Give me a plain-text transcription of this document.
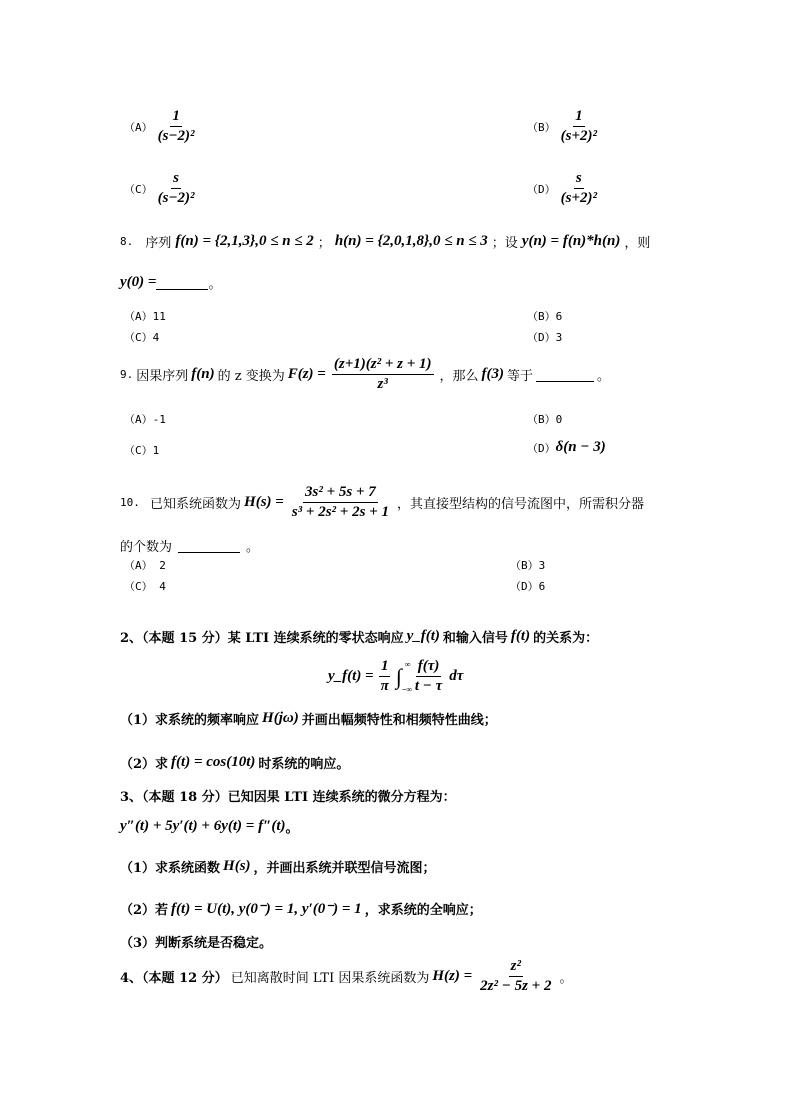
$(A) \frac{1}{\text{(s−2)²}}$	$(B) \frac{1}{\text{(s+2)²}}$
$(C) \frac{s}{\text{(s−2)²}}$	$(D) \frac{s}{\text{(s+2)²}}$
8.
序列 f(n) = {2,1,3},0 ≤ n ≤ 2 ； h(n) = {2,0,1,8},0 ≤ n ≤ 3 ；设 y(n) = f(n)*h(n) ，则
y(0) =	。
（A）11	（B）6
（C）4	（D）3
9. 因果序列 f(n) 的 z 变换为 $F(z) = \frac{\text{(z+1)(z² + z + 1)}}{\text{z³}}$ ，那么 f(3) 等于	。
（A）-1	（B）0
（C）1	（D） δ(n − 3)
10.
已知系统函数为 $H(s) = \frac{\text{3s² + 5s + 7}}{\text{s³ + 2s² + 2s + 1}}$ ，其直接型结构的信号流图中，所需积分器
的个数为	。
（A） 2	（B）3
（C） 4	（D）6
2、（本题 15 分）某 LTI 连续系统的零状态响应 y_f(t) 和输入信号 f(t) 的关系为：
y_f(t) = $\frac{1}{\pi}$ ∫ ∞
−∞ $\frac{f(\tau)}{t - \tau}$ dτ
（1）求系统的频率响应 H(jω) 并画出幅频特性和相频特性曲线；
（2）求 f(t) = cos(10t) 时系统的响应。
3、（本题 18 分）已知因果 LTI 连续系统的微分方程为：
y″(t) + 5y′(t) + 6y(t) = f″(t) 。
（1）求系统函数 H(s) ，并画出系统并联型信号流图；
（2）若 f(t) = U(t), y(0⁻) = 1, y′(0⁻) = 1 ，求系统的全响应；
（3）判断系统是否稳定。
4、（本题 12 分） 已知离散时间 LTI 因果系统函数为 $H(z) = \frac{\text{z²}}{\text{2z² − 5z + 2}}$ 。
